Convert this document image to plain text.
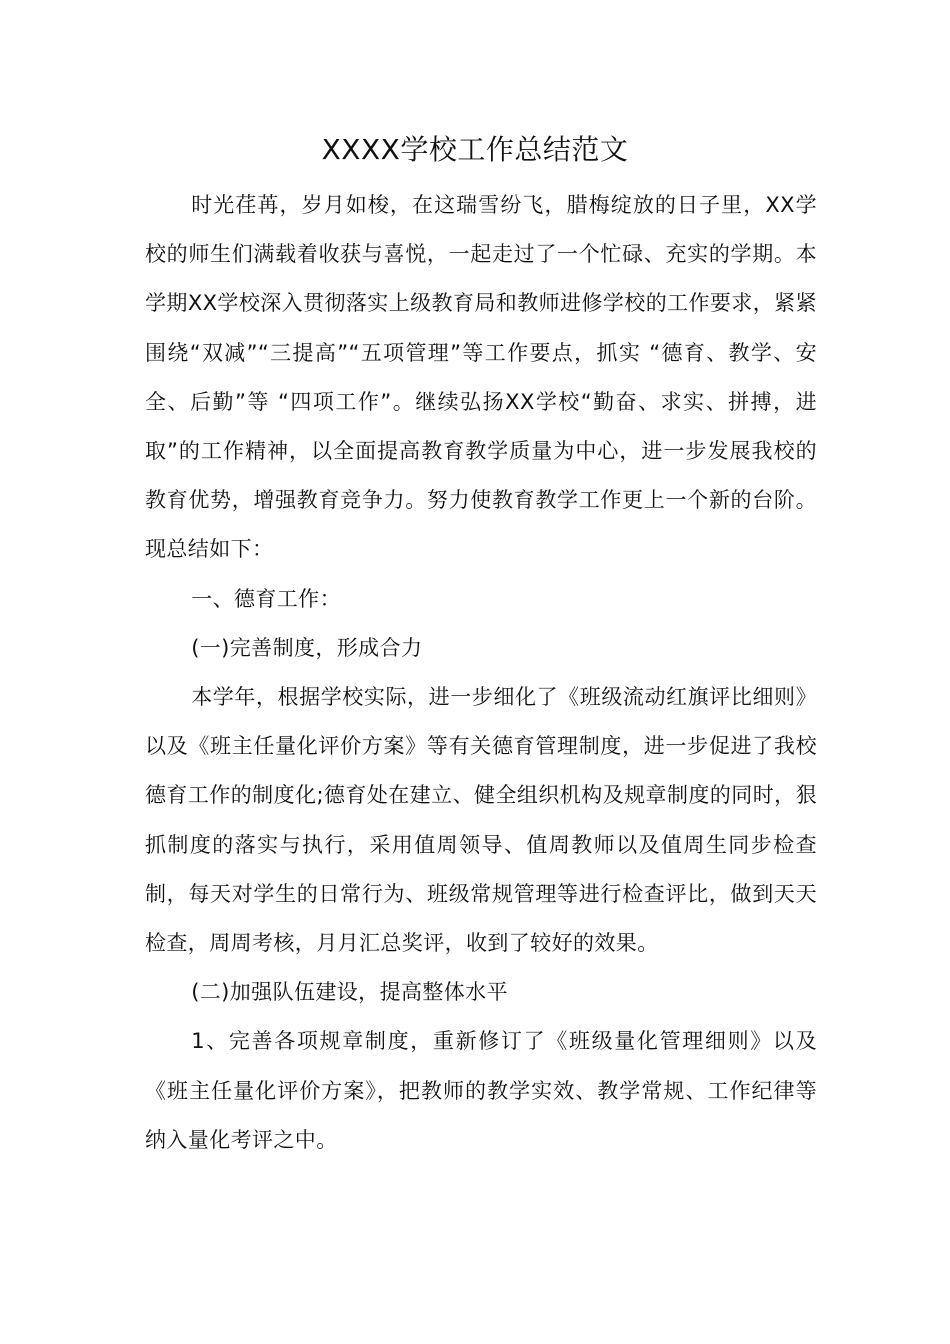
XXXX学校工作总结范文

时光荏苒，岁月如梭，在这瑞雪纷飞，腊梅绽放的日子里，XX学校的师生们满载着收获与喜悦，一起走过了一个忙碌、充实的学期。本学期XX学校深入贯彻落实上级教育局和教师进修学校的工作要求，紧紧围绕“双减”“三提高”“五项管理”等工作要点，抓实 “德育、教学、安全、后勤”等 “四项工作”。继续弘扬XX学校“勤奋、求实、拼搏，进取”的工作精神，以全面提高教育教学质量为中心，进一步发展我校的教育优势，增强教育竞争力。努力使教育教学工作更上一个新的台阶。现总结如下：

一、德育工作：

(一)完善制度，形成合力

本学年，根据学校实际，进一步细化了《班级流动红旗评比细则》以及《班主任量化评价方案》等有关德育管理制度，进一步促进了我校德育工作的制度化;德育处在建立、健全组织机构及规章制度的同时，狠抓制度的落实与执行，采用值周领导、值周教师以及值周生同步检查制，每天对学生的日常行为、班级常规管理等进行检查评比，做到天天检查，周周考核，月月汇总奖评，收到了较好的效果。

(二)加强队伍建设，提高整体水平

1、完善各项规章制度，重新修订了《班级量化管理细则》以及《班主任量化评价方案》，把教师的教学实效、教学常规、工作纪律等纳入量化考评之中。
